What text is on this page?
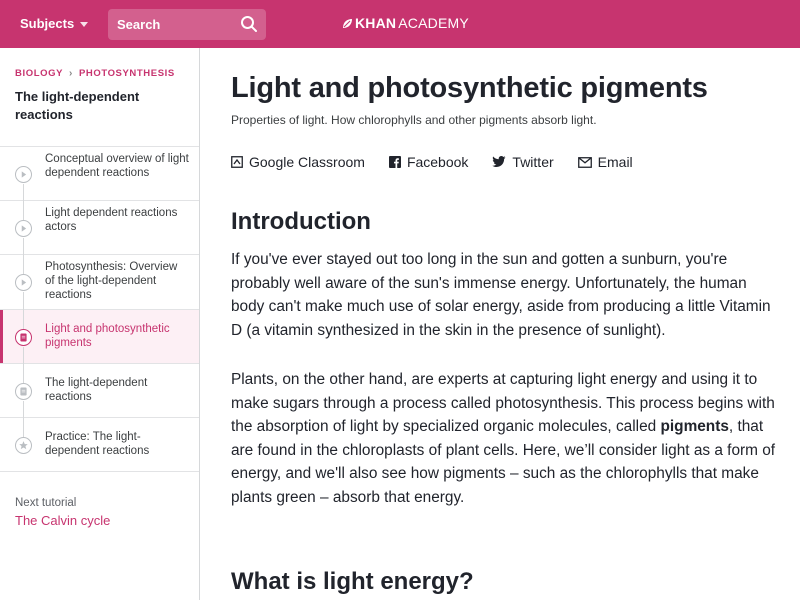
Subjects
Search	KHAN ACADEMY
BIOLOGY › PHOTOSYNTHESIS
The light-dependent reactions
Conceptual overview of light dependent reactions
Light dependent reactions actors
Photosynthesis: Overview of the light-dependent reactions
Light and photosynthetic pigments
The light-dependent reactions
Practice: The light-dependent reactions
Next tutorial
The Calvin cycle
Light and photosynthetic pigments
Properties of light. How chlorophylls and other pigments absorb light.
Google Classroom	Facebook	Twitter	Email
Introduction

If you've ever stayed out too long in the sun and gotten a sunburn, you're probably well aware of the sun's immense energy. Unfortunately, the human body can't make much use of solar energy, aside from producing a little Vitamin D (a vitamin synthesized in the skin in the presence of sunlight).

Plants, on the other hand, are experts at capturing light energy and using it to make sugars through a process called photosynthesis. This process begins with the absorption of light by specialized organic molecules, called pigments, that are found in the chloroplasts of plant cells. Here, we’ll consider light as a form of energy, and we'll also see how pigments – such as the chlorophylls that make plants green – absorb that energy.

What is light energy?
